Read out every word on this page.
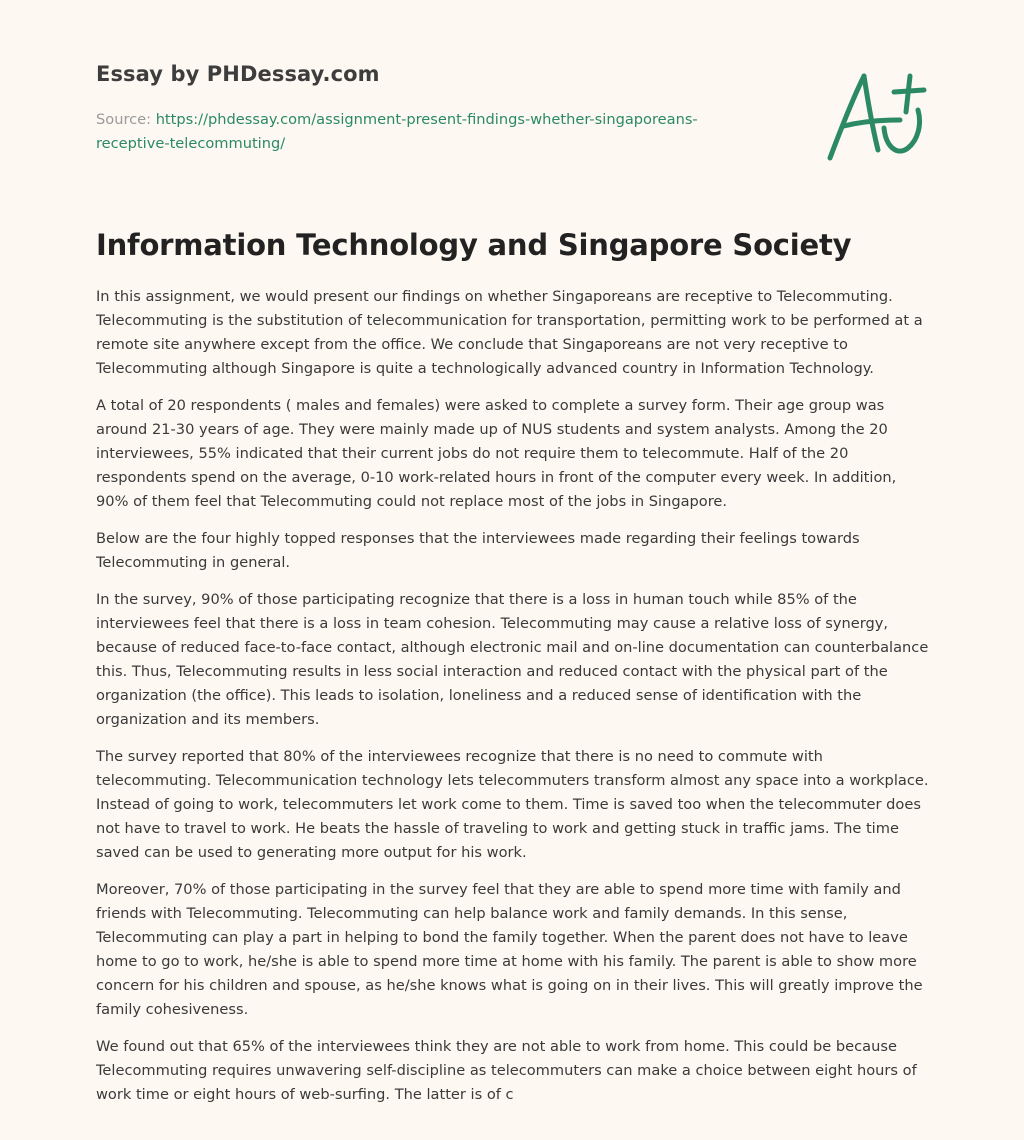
Essay by PHDessay.com
Source: https://phdessay.com/assignment-present-findings-whether-singaporeans-receptive-telecommuting/
Information Technology and Singapore Society

In this assignment, we would present our findings on whether Singaporeans are receptive to Telecommuting. Telecommuting is the substitution of telecommunication for transportation, permitting work to be performed at a remote site anywhere except from the office. We conclude that Singaporeans are not very receptive to Telecommuting although Singapore is quite a technologically advanced country in Information Technology.

A total of 20 respondents ( males and females) were asked to complete a survey form. Their age group was around 21-30 years of age. They were mainly made up of NUS students and system analysts. Among the 20 interviewees, 55% indicated that their current jobs do not require them to telecommute. Half of the 20 respondents spend on the average, 0-10 work-related hours in front of the computer every week. In addition, 90% of them feel that Telecommuting could not replace most of the jobs in Singapore.

Below are the four highly topped responses that the interviewees made regarding their feelings towards Telecommuting in general.

In the survey, 90% of those participating recognize that there is a loss in human touch while 85% of the interviewees feel that there is a loss in team cohesion. Telecommuting may cause a relative loss of synergy, because of reduced face-to-face contact, although electronic mail and on-line documentation can counterbalance this. Thus, Telecommuting results in less social interaction and reduced contact with the physical part of the organization (the office). This leads to isolation, loneliness and a reduced sense of identification with the organization and its members.

The survey reported that 80% of the interviewees recognize that there is no need to commute with telecommuting. Telecommunication technology lets telecommuters transform almost any space into a workplace. Instead of going to work, telecommuters let work come to them. Time is saved too when the telecommuter does not have to travel to work. He beats the hassle of traveling to work and getting stuck in traffic jams. The time saved can be used to generating more output for his work.

Moreover, 70% of those participating in the survey feel that they are able to spend more time with family and friends with Telecommuting. Telecommuting can help balance work and family demands. In this sense, Telecommuting can play a part in helping to bond the family together. When the parent does not have to leave home to go to work, he/she is able to spend more time at home with his family. The parent is able to show more concern for his children and spouse, as he/she knows what is going on in their lives. This will greatly improve the family cohesiveness.

We found out that 65% of the interviewees think they are not able to work from home. This could be because Telecommuting requires unwavering self-discipline as telecommuters can make a choice between eight hours of work time or eight hours of web-surfing. The latter is of c
